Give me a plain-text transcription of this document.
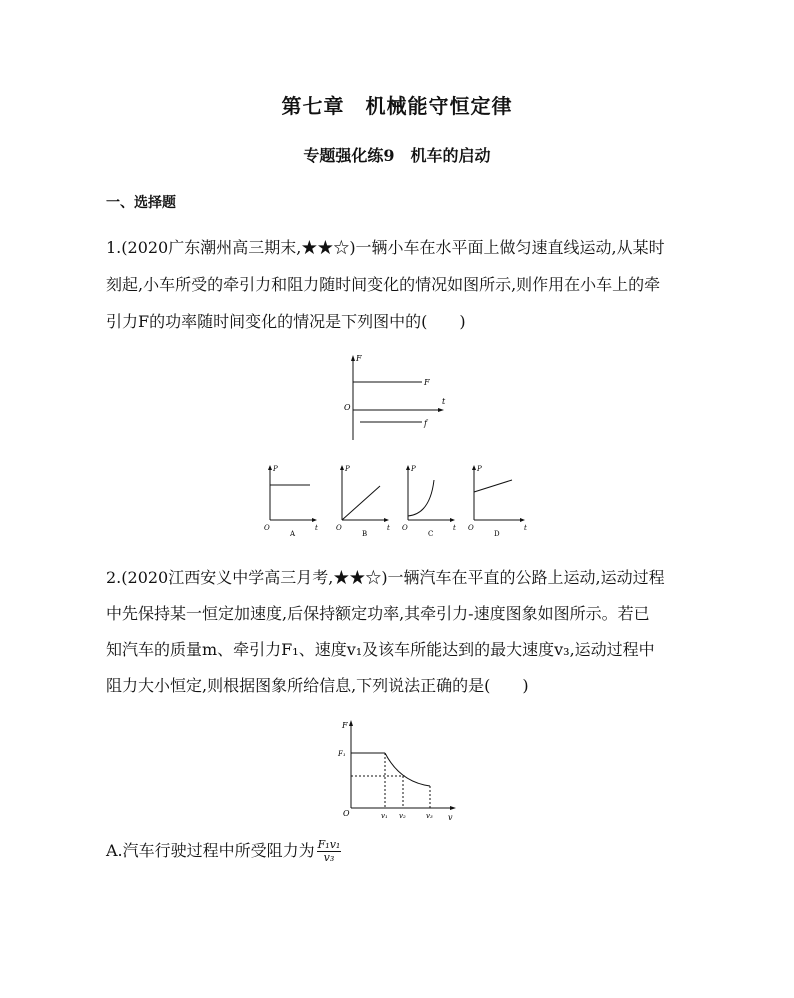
第七章　机械能守恒定律
专题强化练9　机车的启动
一、选择题
1.(2020广东潮州高三期末,★★☆)一辆小车在水平面上做匀速直线运动,从某时
刻起,小车所受的牵引力和阻力随时间变化的情况如图所示,则作用在小车上的牵
引力F的功率随时间变化的情况是下列图中的(　　)
F
t
O
F
f
P
t
O
A
P
t
O
B
P
t
O
C
P
t
O
D
2.(2020江西安义中学高三月考,★★☆)一辆汽车在平直的公路上运动,运动过程
中先保持某一恒定加速度,后保持额定功率,其牵引力-速度图象如图所示。若已
知汽车的质量m、牵引力F₁、速度v₁及该车所能达到的最大速度v₃,运动过程中
阻力大小恒定,则根据图象所给信息,下列说法正确的是(　　)
F
v
O
F₁
v₁ v₂	v₃
A.汽车行驶过程中所受阻力为 $\frac{\text{F₁v₁}}{\text{v₃}}$
